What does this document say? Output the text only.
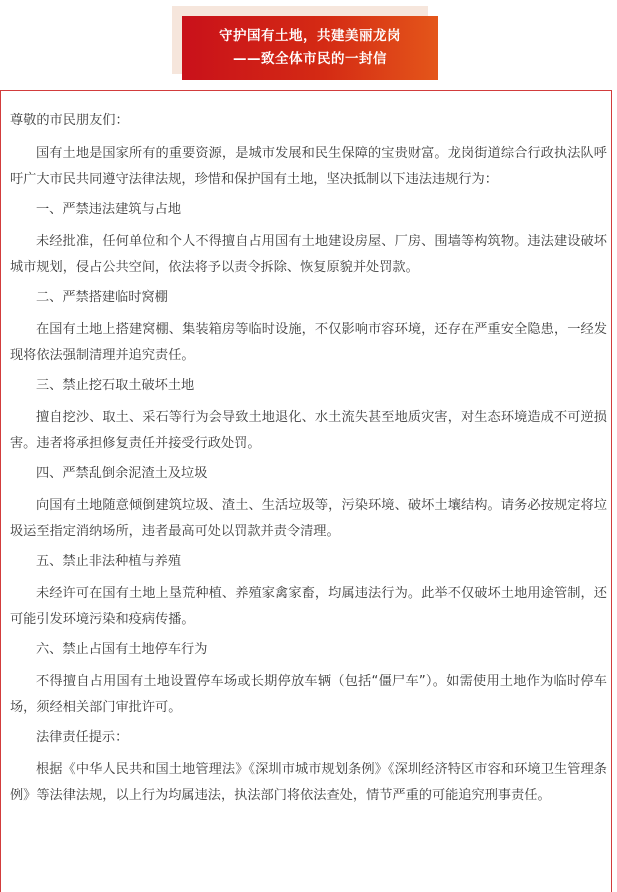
守护国有土地，共建美丽龙岗
——致全体市民的一封信

尊敬的市民朋友们：

国有土地是国家所有的重要资源，是城市发展和民生保障的宝贵财富。龙岗街道综合行政执法队呼吁广大市民共同遵守法律法规，珍惜和保护国有土地，坚决抵制以下违法违规行为：

一、严禁违法建筑与占地

未经批准，任何单位和个人不得擅自占用国有土地建设房屋、厂房、围墙等构筑物。违法建设破坏城市规划，侵占公共空间，依法将予以责令拆除、恢复原貌并处罚款。

二、严禁搭建临时窝棚

在国有土地上搭建窝棚、集装箱房等临时设施，不仅影响市容环境，还存在严重安全隐患，一经发现将依法强制清理并追究责任。

三、禁止挖石取土破坏土地

擅自挖沙、取土、采石等行为会导致土地退化、水土流失甚至地质灾害，对生态环境造成不可逆损害。违者将承担修复责任并接受行政处罚。

四、严禁乱倒余泥渣土及垃圾

向国有土地随意倾倒建筑垃圾、渣土、生活垃圾等，污染环境、破坏土壤结构。请务必按规定将垃圾运至指定消纳场所，违者最高可处以罚款并责令清理。

五、禁止非法种植与养殖

未经许可在国有土地上垦荒种植、养殖家禽家畜，均属违法行为。此举不仅破坏土地用途管制，还可能引发环境污染和疫病传播。

六、禁止占国有土地停车行为

不得擅自占用国有土地设置停车场或长期停放车辆（包括“僵尸车”）。如需使用土地作为临时停车场，须经相关部门审批许可。

法律责任提示：

根据《中华人民共和国土地管理法》《深圳市城市规划条例》《深圳经济特区市容和环境卫生管理条例》等法律法规，以上行为均属违法，执法部门将依法查处，情节严重的可能追究刑事责任。
